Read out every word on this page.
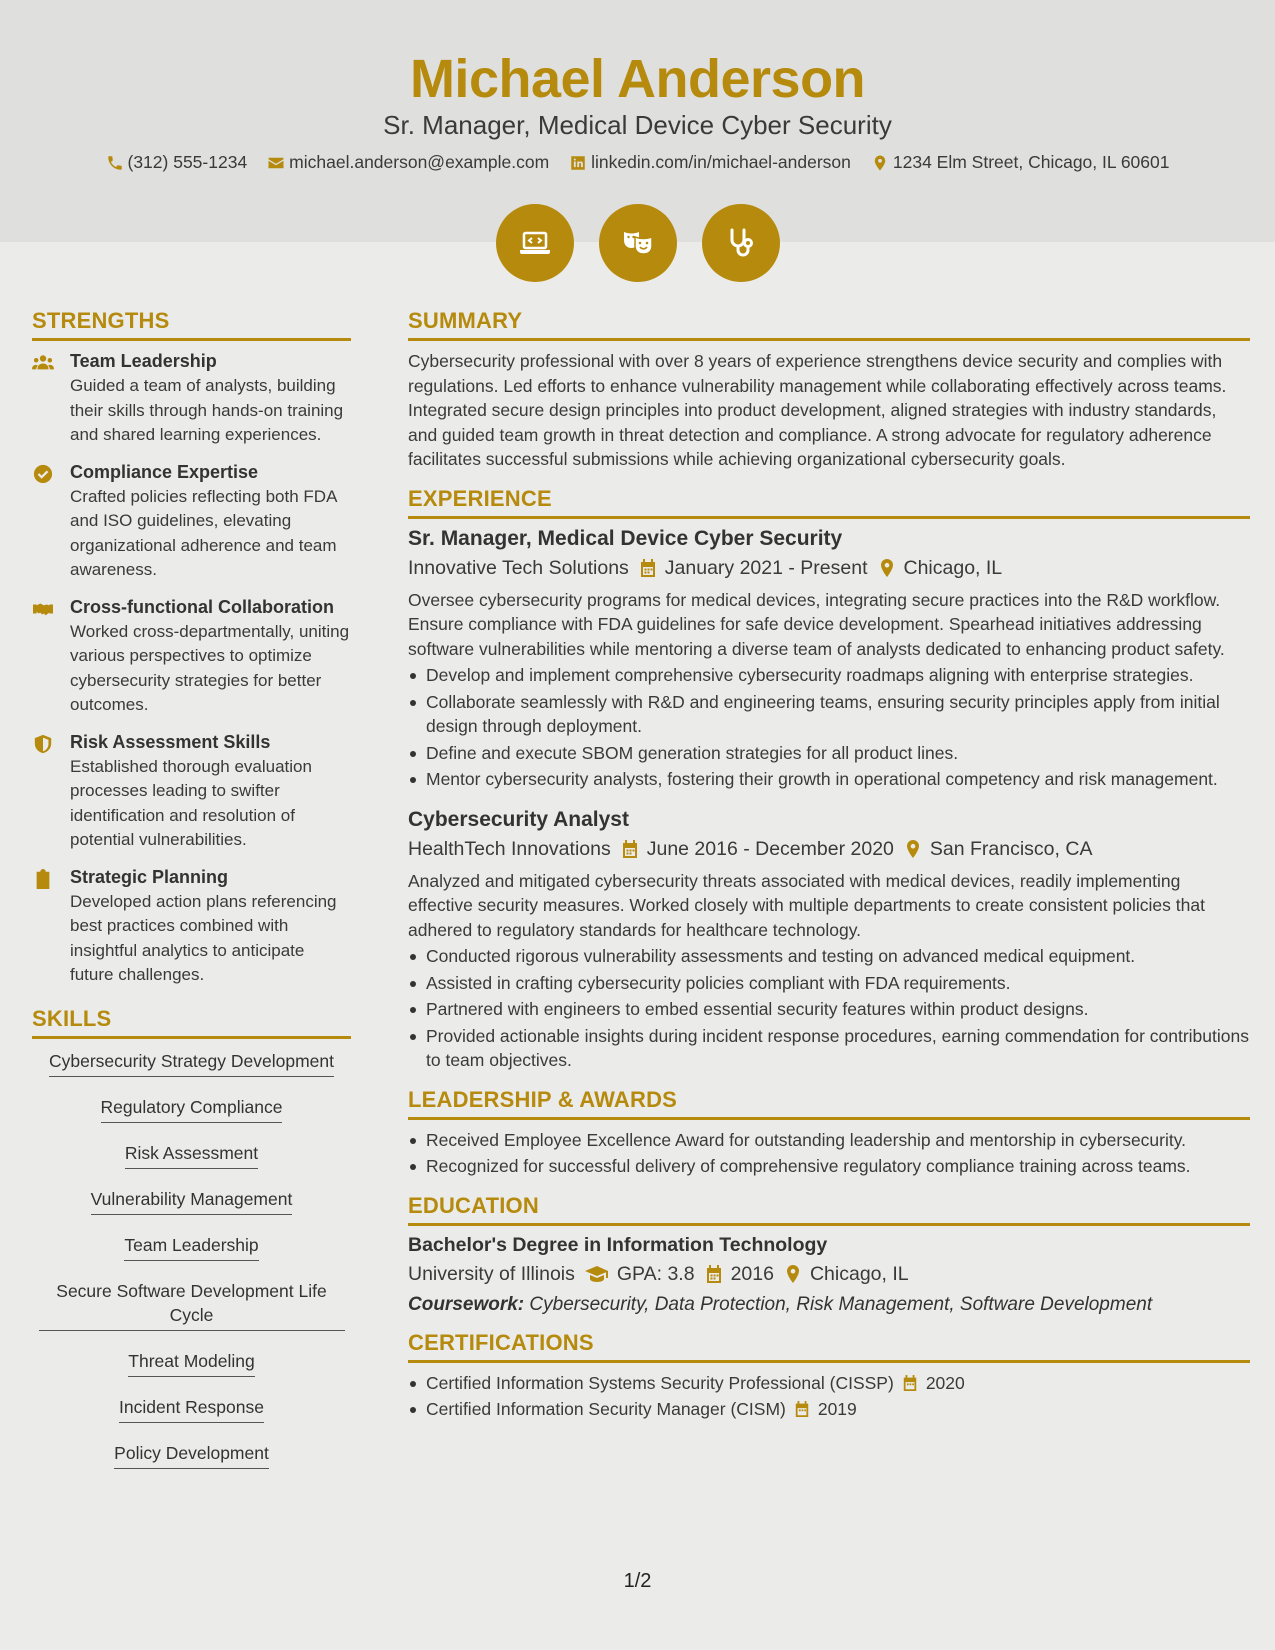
Michael Anderson
Sr. Manager, Medical Device Cyber Security
(312) 555-1234 michael.anderson@example.com linkedin.com/in/michael-anderson 1234 Elm Street, Chicago, IL 60601
STRENGTHS
Team Leadership

Guided a team of analysts, building their skills through hands-on training and shared learning experiences.

Compliance Expertise

Crafted policies reflecting both FDA and ISO guidelines, elevating organizational adherence and team awareness.

Cross-functional Collaboration

Worked cross-departmentally, uniting various perspectives to optimize cybersecurity strategies for better outcomes.

Risk Assessment Skills

Established thorough evaluation processes leading to swifter identification and resolution of potential vulnerabilities.

Strategic Planning

Developed action plans referencing best practices combined with insightful analytics to anticipate future challenges.

SKILLS
Cybersecurity Strategy Development
Regulatory Compliance
Risk Assessment
Vulnerability Management
Team Leadership
Secure Software Development Life Cycle
Threat Modeling
Incident Response
Policy Development
SUMMARY

Cybersecurity professional with over 8 years of experience strengthens device security and complies with regulations. Led efforts to enhance vulnerability management while collaborating effectively across teams. Integrated secure design principles into product development, aligned strategies with industry standards, and guided team growth in threat detection and compliance. A strong advocate for regulatory adherence facilitates successful submissions while achieving organizational cybersecurity goals.

EXPERIENCE
Sr. Manager, Medical Device Cyber Security
Innovative Tech Solutions January 2021 - Present Chicago, IL

Oversee cybersecurity programs for medical devices, integrating secure practices into the R&D workflow. Ensure compliance with FDA guidelines for safe device development. Spearhead initiatives addressing software vulnerabilities while mentoring a diverse team of analysts dedicated to enhancing product safety.

Develop and implement comprehensive cybersecurity roadmaps aligning with enterprise strategies.
Collaborate seamlessly with R&D and engineering teams, ensuring security principles apply from initial design through deployment.
Define and execute SBOM generation strategies for all product lines.
Mentor cybersecurity analysts, fostering their growth in operational competency and risk management.
Cybersecurity Analyst
HealthTech Innovations June 2016 - December 2020 San Francisco, CA

Analyzed and mitigated cybersecurity threats associated with medical devices, readily implementing effective security measures. Worked closely with multiple departments to create consistent policies that adhered to regulatory standards for healthcare technology.

Conducted rigorous vulnerability assessments and testing on advanced medical equipment.
Assisted in crafting cybersecurity policies compliant with FDA requirements.
Partnered with engineers to embed essential security features within product designs.
Provided actionable insights during incident response procedures, earning commendation for contributions to team objectives.
LEADERSHIP & AWARDS
Received Employee Excellence Award for outstanding leadership and mentorship in cybersecurity.
Recognized for successful delivery of comprehensive regulatory compliance training across teams.
EDUCATION
Bachelor's Degree in Information Technology
University of Illinois GPA: 3.8 2016 Chicago, IL

Coursework: Cybersecurity, Data Protection, Risk Management, Software Development

CERTIFICATIONS
Certified Information Systems Security Professional (CISSP) 2020
Certified Information Security Manager (CISM) 2019
1/2
